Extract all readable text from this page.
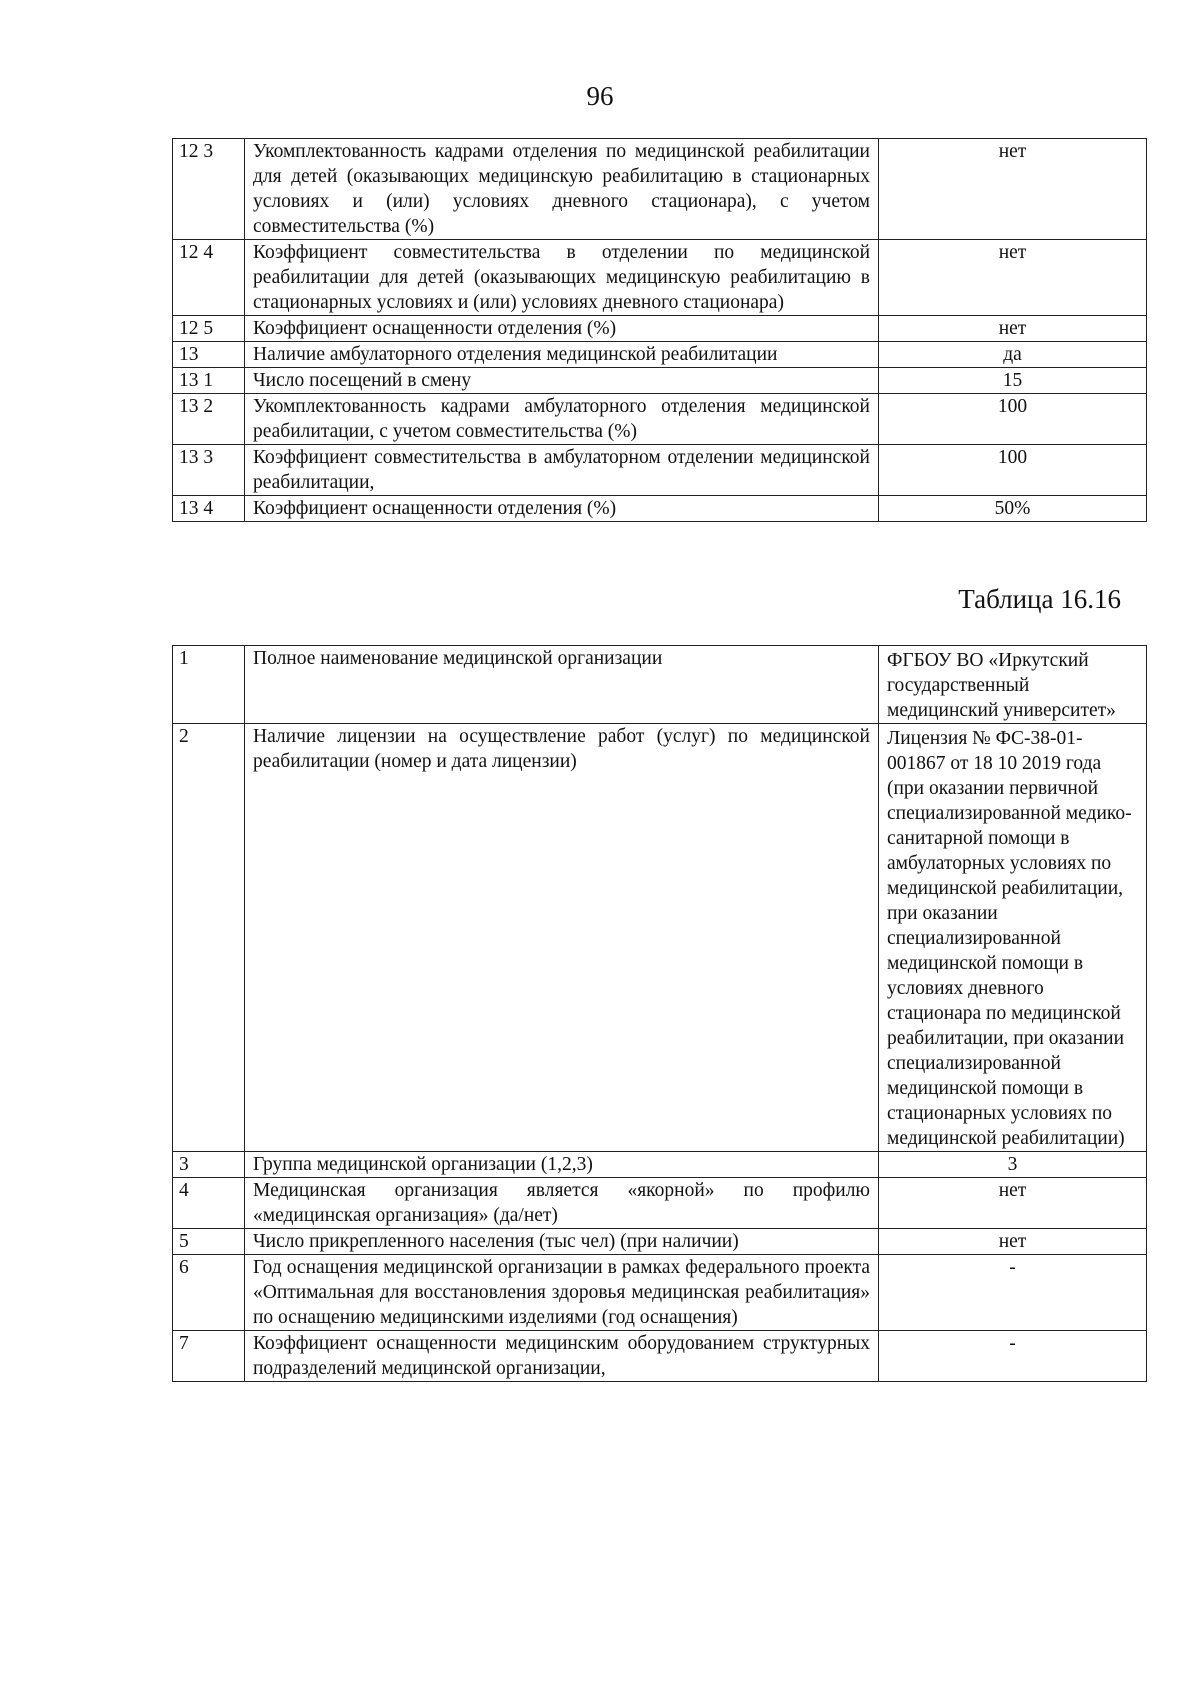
96
12 3	Укомплектованность кадрами отделения по медицинской реабилитации для детей (оказывающих медицинскую реабилитацию в стационарных условиях и (или) условиях дневного стационара), с учетом совместительства (%)	нет
12 4	Коэффициент совместительства в отделении по медицинской реабилитации для детей (оказывающих медицинскую реабилитацию в стационарных условиях и (или) условиях дневного стационара)	нет
12 5	Коэффициент оснащенности отделения (%)	нет
13	Наличие амбулаторного отделения медицинской реабилитации	да
13 1	Число посещений в смену	15
13 2	Укомплектованность кадрами амбулаторного отделения медицинской реабилитации, с учетом совместительства (%)	100
13 3	Коэффициент совместительства в амбулаторном отделении медицинской реабилитации,	100
13 4	Коэффициент оснащенности отделения (%)	50%
Таблица 16.16
1	Полное наименование медицинской организации	ФГБОУ ВО «Иркутский государственный медицинский университет»
2	Наличие лицензии на осуществление работ (услуг) по медицинской реабилитации (номер и дата лицензии)	Лицензия № ФС-38-01-001867 от 18 10 2019 года (при оказании первичной специализированной медико-санитарной помощи в амбулаторных условиях по медицинской реабилитации, при оказании специализированной медицинской помощи в условиях дневного стационара по медицинской реабилитации, при оказании специализированной медицинской помощи в стационарных условиях по медицинской реабилитации)
3	Группа медицинской организации (1,2,3)	3
4	Медицинская организация является «якорной» по профилю «медицинская организация» (да/нет)	нет
5	Число прикрепленного населения (тыс чел) (при наличии)	нет
6	Год оснащения медицинской организации в рамках федерального проекта «Оптимальная для восстановления здоровья медицинская реабилитация» по оснащению медицинскими изделиями (год оснащения)	-
7	Коэффициент оснащенности медицинским оборудованием структурных подразделений медицинской организации,	-
